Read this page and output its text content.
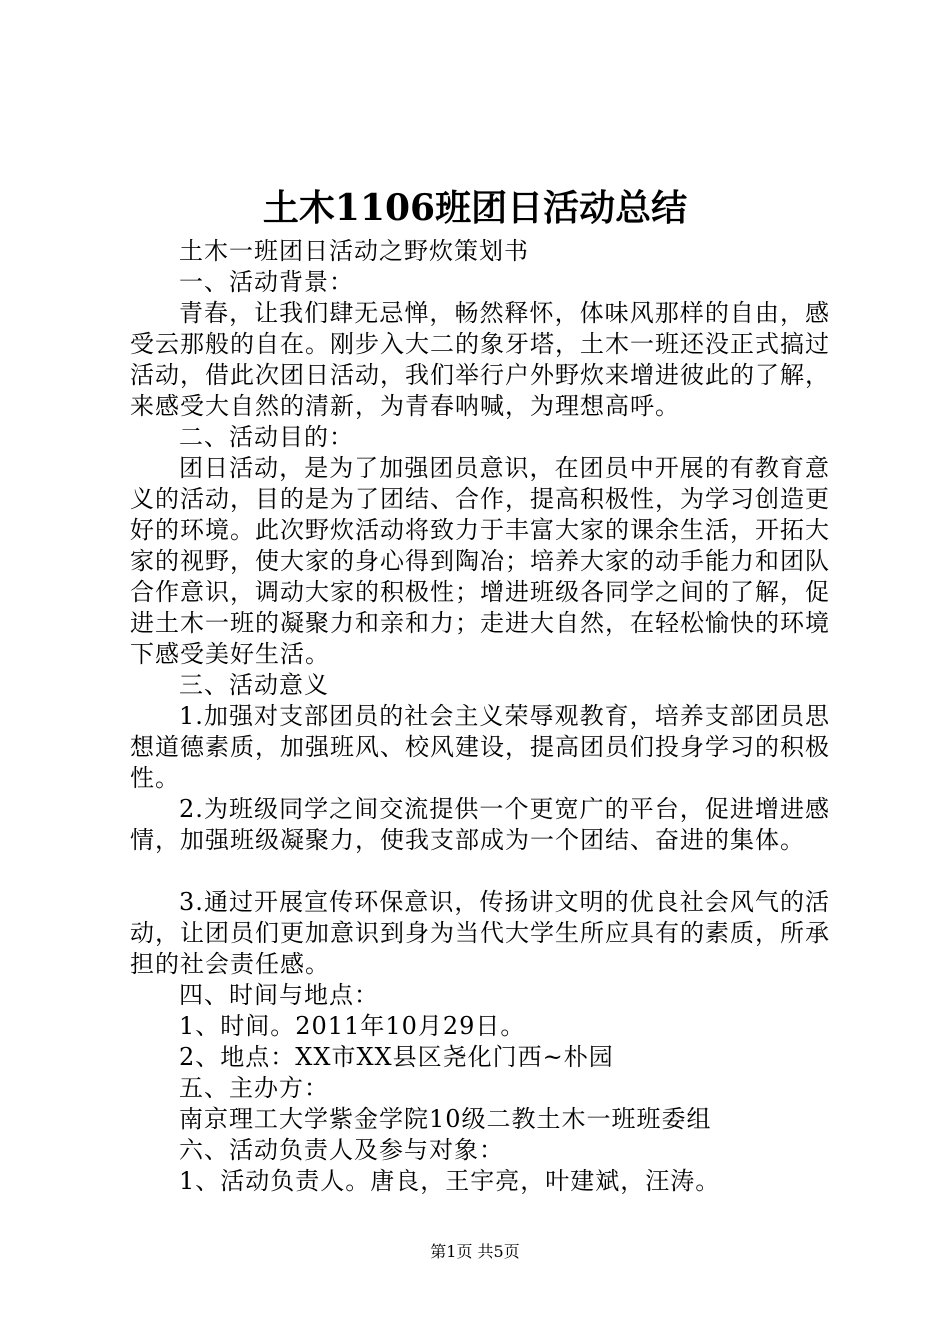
土木1106班团日活动总结

土木一班团日活动之野炊策划书

一、活动背景：

青春，让我们肆无忌惮，畅然释怀，体味风那样的自由，感受云那般的自在。刚步入大二的象牙塔，土木一班还没正式搞过活动，借此次团日活动，我们举行户外野炊来增进彼此的了解，来感受大自然的清新，为青春呐喊，为理想高呼。

二、活动目的：

团日活动，是为了加强团员意识，在团员中开展的有教育意义的活动，目的是为了团结、合作，提高积极性，为学习创造更好的环境。此次野炊活动将致力于丰富大家的课余生活，开拓大家的视野，使大家的身心得到陶冶；培养大家的动手能力和团队合作意识，调动大家的积极性；增进班级各同学之间的了解，促进土木一班的凝聚力和亲和力；走进大自然，在轻松愉快的环境下感受美好生活。

三、活动意义

1.加强对支部团员的社会主义荣辱观教育，培养支部团员思想道德素质，加强班风、校风建设，提高团员们投身学习的积极性。

2.为班级同学之间交流提供一个更宽广的平台，促进增进感情，加强班级凝聚力，使我支部成为一个团结、奋进的集体。

3.通过开展宣传环保意识，传扬讲文明的优良社会风气的活动，让团员们更加意识到身为当代大学生所应具有的素质，所承担的社会责任感。

四、时间与地点：

1、时间。2011年10月29日。

2、地点：XX市XX县区尧化门西~朴园

五、主办方：

南京理工大学紫金学院10级二教土木一班班委组

六、活动负责人及参与对象：

1、活动负责人。唐良，王宇亮，叶建斌，汪涛。

第1页 共5页
